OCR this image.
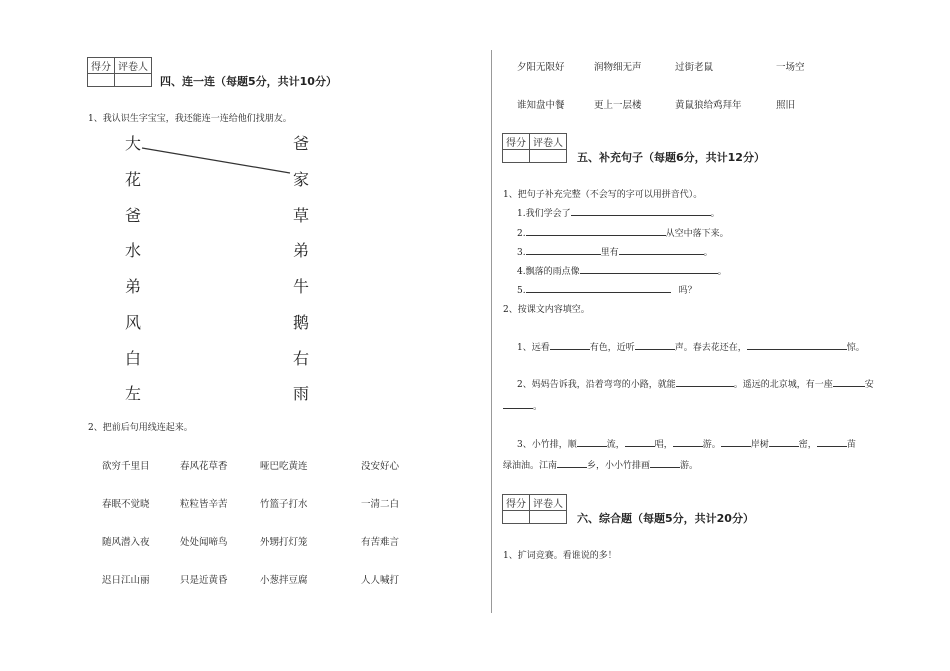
得分	评卷人

四、连一连（每题5分，共计10分）
1、我认识生字宝宝，我还能连一连给他们找朋友。
大
花
爸
水
弟
风
白
左
爸
家
草
弟
牛
鹅
右
雨
2、把前后句用线连起来。
欲穷千里目	春风花草香	哑巴吃黄连	没安好心
春眠不觉晓	粒粒皆辛苦	竹篮子打水	一清二白
随风潜入夜	处处闻啼鸟	外甥打灯笼	有苦难言
迟日江山丽	只是近黄昏	小葱拌豆腐	人人喊打
夕阳无限好	润物细无声	过街老鼠	一场空
谁知盘中餐	更上一层楼	黄鼠狼给鸡拜年	照旧
得分	评卷人

五、补充句子（每题6分，共计12分）
1、把句子补充完整（不会写的字可以用拼音代）。
1.我们学会了	。
2.	从空中落下来。
3.	里有	。
4.飘落的雨点像	。
5.	吗？
2、按课文内容填空。
1、远看	有色，近听	声。春去花还在，	惊。
2、妈妈告诉我，沿着弯弯的小路，就能	。遥远的北京城，有一座	安
。
3、小竹排，顺	流，	唱，	游。	岸树	密，	苗
绿油油。江南	乡，小小竹排画	游。
得分	评卷人

六、综合题（每题5分，共计20分）
1、扩词竞赛。看谁说的多！
